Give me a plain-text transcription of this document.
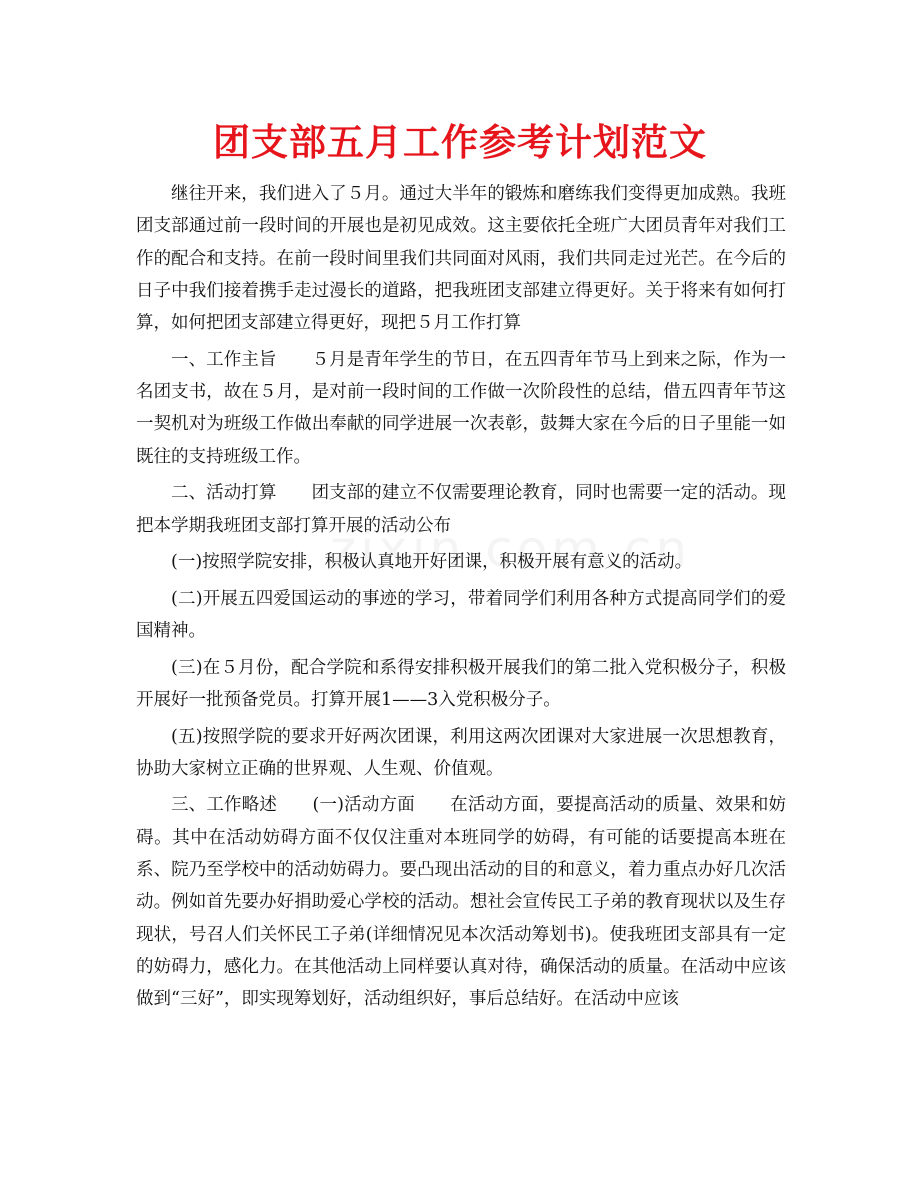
团支部五月工作参考计划范文

继往开来，我们进入了５月。通过大半年的锻炼和磨练我们变得更加成熟。我班团支部通过前一段时间的开展也是初见成效。这主要依托全班广大团员青年对我们工作的配合和支持。在前一段时间里我们共同面对风雨，我们共同走过光芒。在今后的日子中我们接着携手走过漫长的道路，把我班团支部建立得更好。关于将来有如何打算，如何把团支部建立得更好，现把５月工作打算

一、工作主旨　　５月是青年学生的节日，在五四青年节马上到来之际，作为一名团支书，故在５月，是对前一段时间的工作做一次阶段性的总结，借五四青年节这一契机对为班级工作做出奉献的同学进展一次表彰，鼓舞大家在今后的日子里能一如既往的支持班级工作。

二、活动打算　　团支部的建立不仅需要理论教育，同时也需要一定的活动。现把本学期我班团支部打算开展的活动公布

(一)按照学院安排，积极认真地开好团课，积极开展有意义的活动。

(二)开展五四爱国运动的事迹的学习，带着同学们利用各种方式提高同学们的爱国精神。

(三)在５月份，配合学院和系得安排积极开展我们的第二批入党积极分子，积极开展好一批预备党员。打算开展1——3入党积极分子。

(五)按照学院的要求开好两次团课，利用这两次团课对大家进展一次思想教育，协助大家树立正确的世界观、人生观、价值观。

三、工作略述　　(一)活动方面　　在活动方面，要提高活动的质量、效果和妨碍。其中在活动妨碍方面不仅仅注重对本班同学的妨碍，有可能的话要提高本班在系、院乃至学校中的活动妨碍力。要凸现出活动的目的和意义，着力重点办好几次活动。例如首先要办好捐助爱心学校的活动。想社会宣传民工子弟的教育现状以及生存现状，号召人们关怀民工子弟(详细情况见本次活动筹划书)。使我班团支部具有一定的妨碍力，感化力。在其他活动上同样要认真对待，确保活动的质量。在活动中应该做到“三好”，即实现筹划好，活动组织好，事后总结好。在活动中应该
